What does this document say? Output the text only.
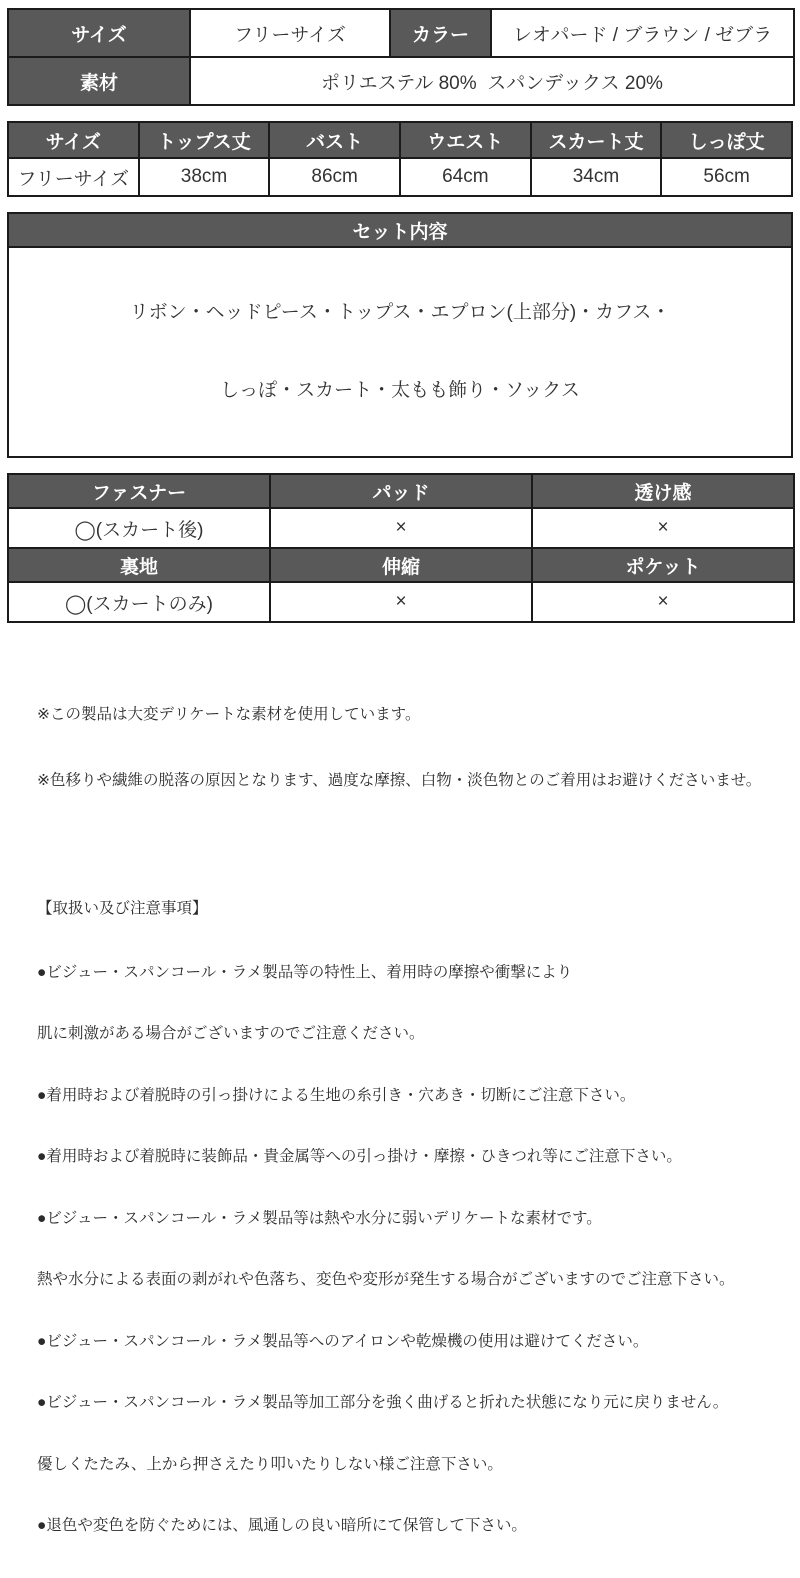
サイズ	フリーサイズ	カラー	レオパード / ブラウン / ゼブラ
素材	ポリエステル 80%  スパンデックス 20%		
サイズ	トップス丈	バスト	ウエスト	スカート丈	しっぽ丈
フリーサイズ	38cm	86cm	64cm	34cm	56cm
セット内容

リボン・ヘッドピース・トップス・エプロン(上部分)・カフス・

しっぽ・スカート・太もも飾り・ソックス

ファスナー	パッド	透け感
◯(スカート後)	×	×
裏地	伸縮	ポケット
◯(スカートのみ)	×	×

※この製品は大変デリケートな素材を使用しています。

※色移りや繊維の脱落の原因となります、過度な摩擦、白物・淡色物とのご着用はお避けくださいませ。

【取扱い及び注意事項】

●ビジュー・スパンコール・ラメ製品等の特性上、着用時の摩擦や衝撃により

肌に刺激がある場合がございますのでご注意ください。

●着用時および着脱時の引っ掛けによる生地の糸引き・穴あき・切断にご注意下さい。

●着用時および着脱時に装飾品・貴金属等への引っ掛け・摩擦・ひきつれ等にご注意下さい。

●ビジュー・スパンコール・ラメ製品等は熱や水分に弱いデリケートな素材です。

熱や水分による表面の剥がれや色落ち、変色や変形が発生する場合がございますのでご注意下さい。

●ビジュー・スパンコール・ラメ製品等へのアイロンや乾燥機の使用は避けてください。

●ビジュー・スパンコール・ラメ製品等加工部分を強く曲げると折れた状態になり元に戻りません。

優しくたたみ、上から押さえたり叩いたりしない様ご注意下さい。

●退色や変色を防ぐためには、風通しの良い暗所にて保管して下さい。
